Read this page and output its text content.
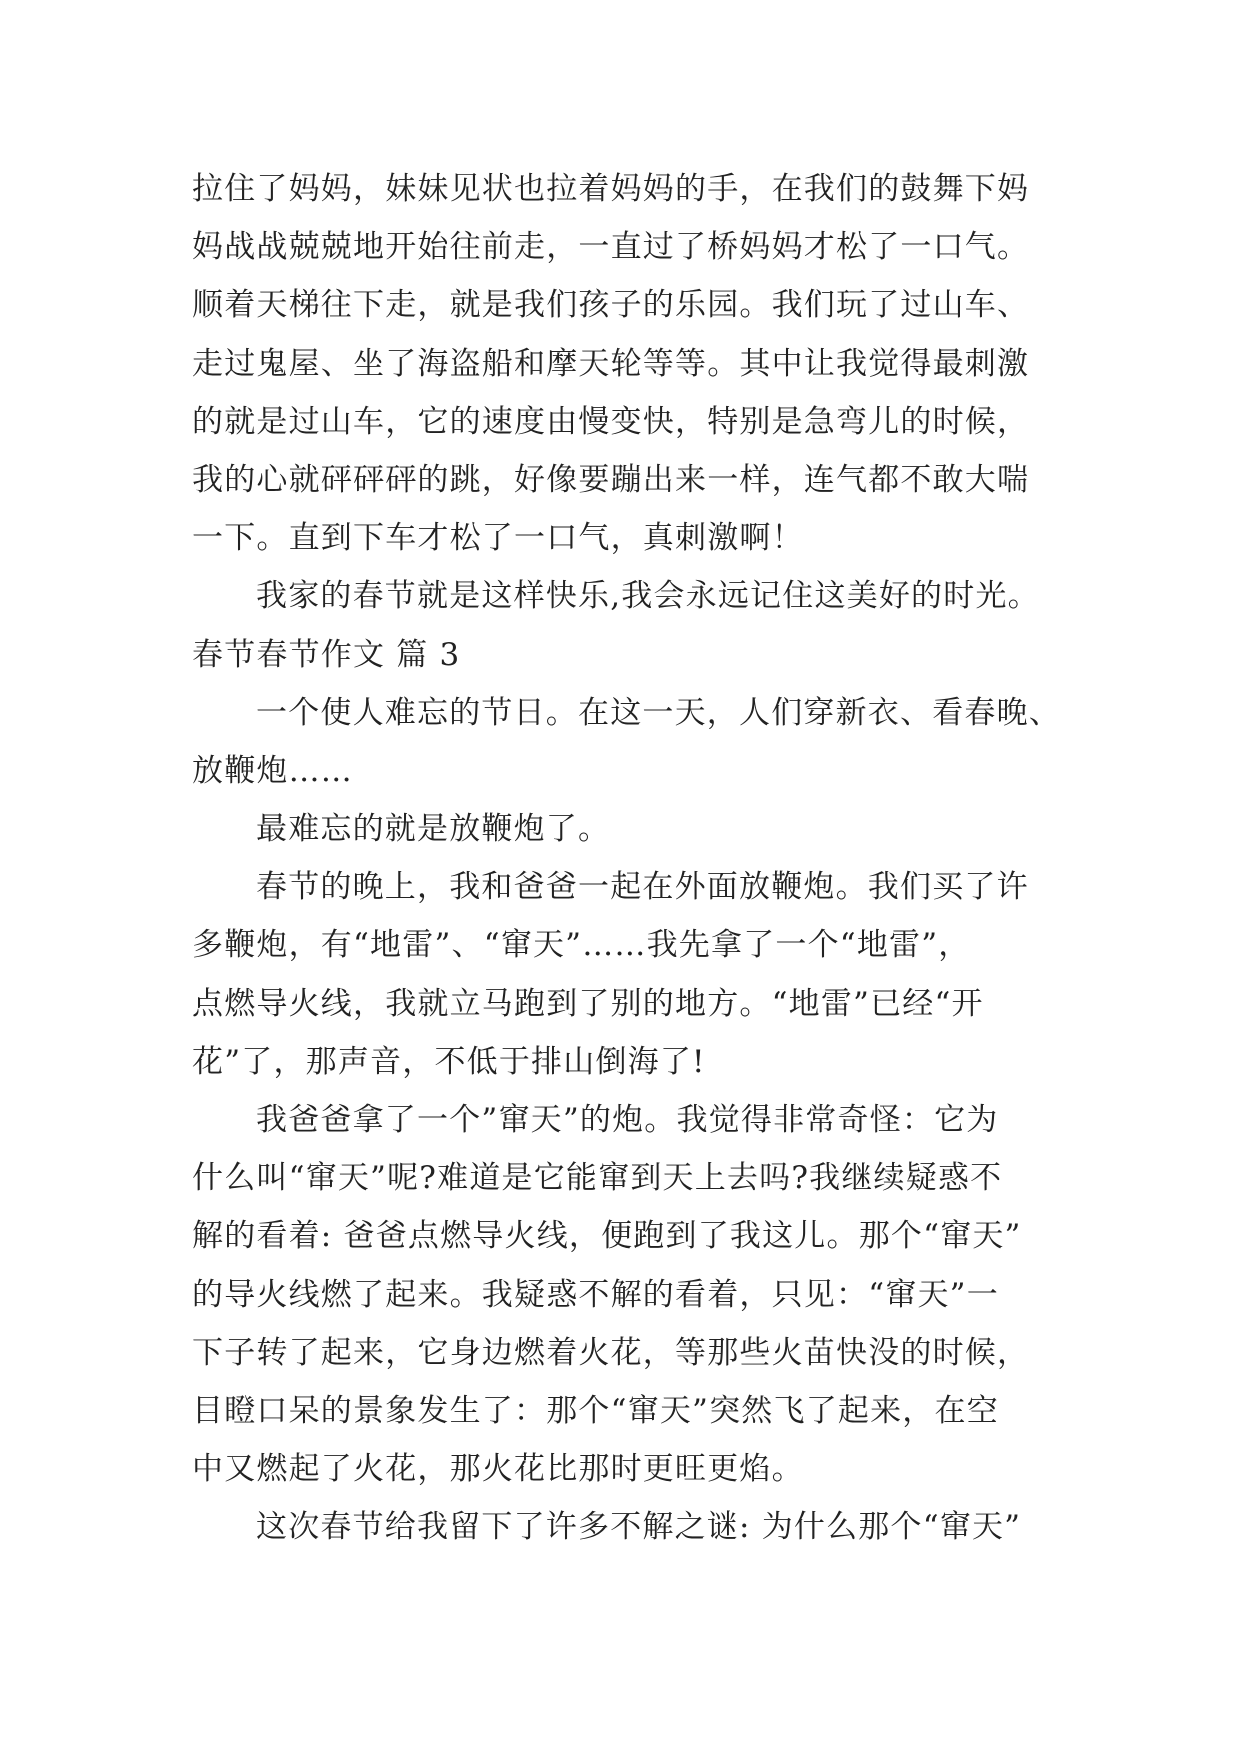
拉住了妈妈，妹妹见状也拉着妈妈的手，在我们的鼓舞下妈
妈战战兢兢地开始往前走，一直过了桥妈妈才松了一口气。
顺着天梯往下走，就是我们孩子的乐园。我们玩了过山车、
走过鬼屋、坐了海盗船和摩天轮等等。其中让我觉得最刺激
的就是过山车，它的速度由慢变快，特别是急弯儿的时候，
我的心就砰砰砰的跳，好像要蹦出来一样，连气都不敢大喘
一下。直到下车才松了一口气，真刺激啊！
我家的春节就是这样快乐,我会永远记住这美好的时光。
春节春节作文 篇 3
一个使人难忘的节日。在这一天，人们穿新衣、看春晚、
放鞭炮……
最难忘的就是放鞭炮了。
春节的晚上，我和爸爸一起在外面放鞭炮。我们买了许
多鞭炮，有“地雷”、“窜天”……我先拿了一个“地雷”，
点燃导火线，我就立马跑到了别的地方。“地雷”已经“开
花”了，那声音，不低于排山倒海了!
我爸爸拿了一个”窜天”的炮。我觉得非常奇怪：它为
什么叫“窜天”呢?难道是它能窜到天上去吗?我继续疑惑不
解的看着: 爸爸点燃导火线，便跑到了我这儿。那个“窜天”
的导火线燃了起来。我疑惑不解的看着，只见：“窜天”一
下子转了起来，它身边燃着火花，等那些火苗快没的时候，
目瞪口呆的景象发生了：那个“窜天”突然飞了起来，在空
中又燃起了火花，那火花比那时更旺更焰。
这次春节给我留下了许多不解之谜: 为什么那个“窜天”
